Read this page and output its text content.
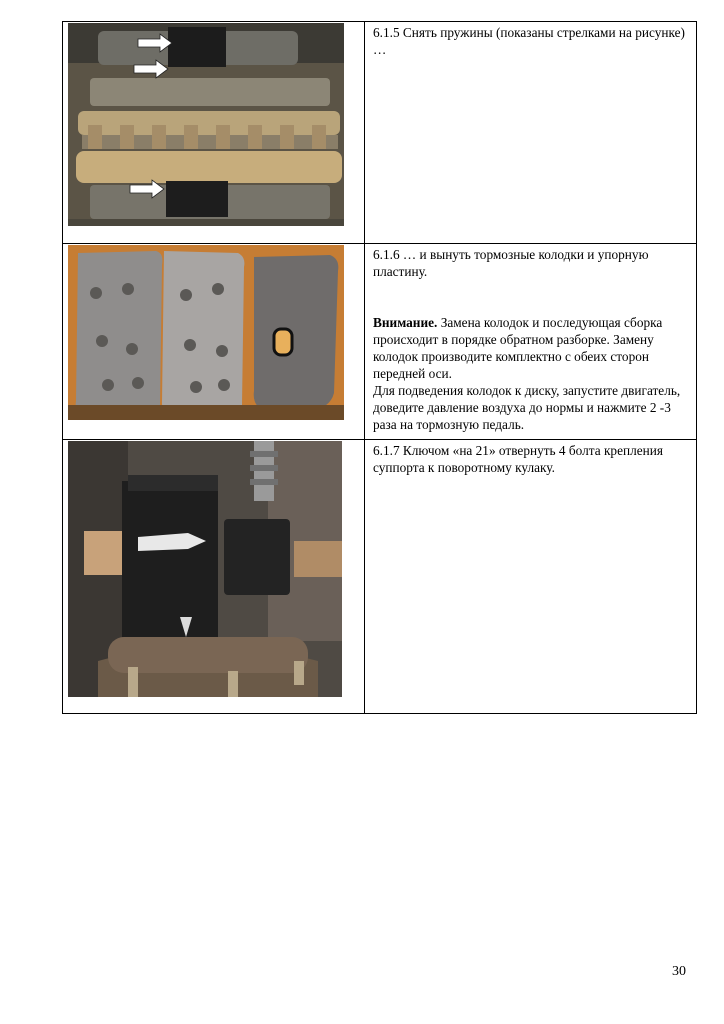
6.1.5 Снять пружины (показаны стрелками на рисунке) …

6.1.6 … и вынуть тормозные колодки и упорную пластину.

Внимание. Замена колодок и последующая сборка происходит в порядке обратном разборке. Замену колодок производите комплектно с обеих сторон передней оси.

Для подведения колодок к диску, запустите двигатель, доведите давление воздуха до нормы и нажмите 2 -3 раза на тормозную педаль.

6.1.7 Ключом «на 21» отвернуть 4 болта крепления суппорта к поворотному кулаку.

30
